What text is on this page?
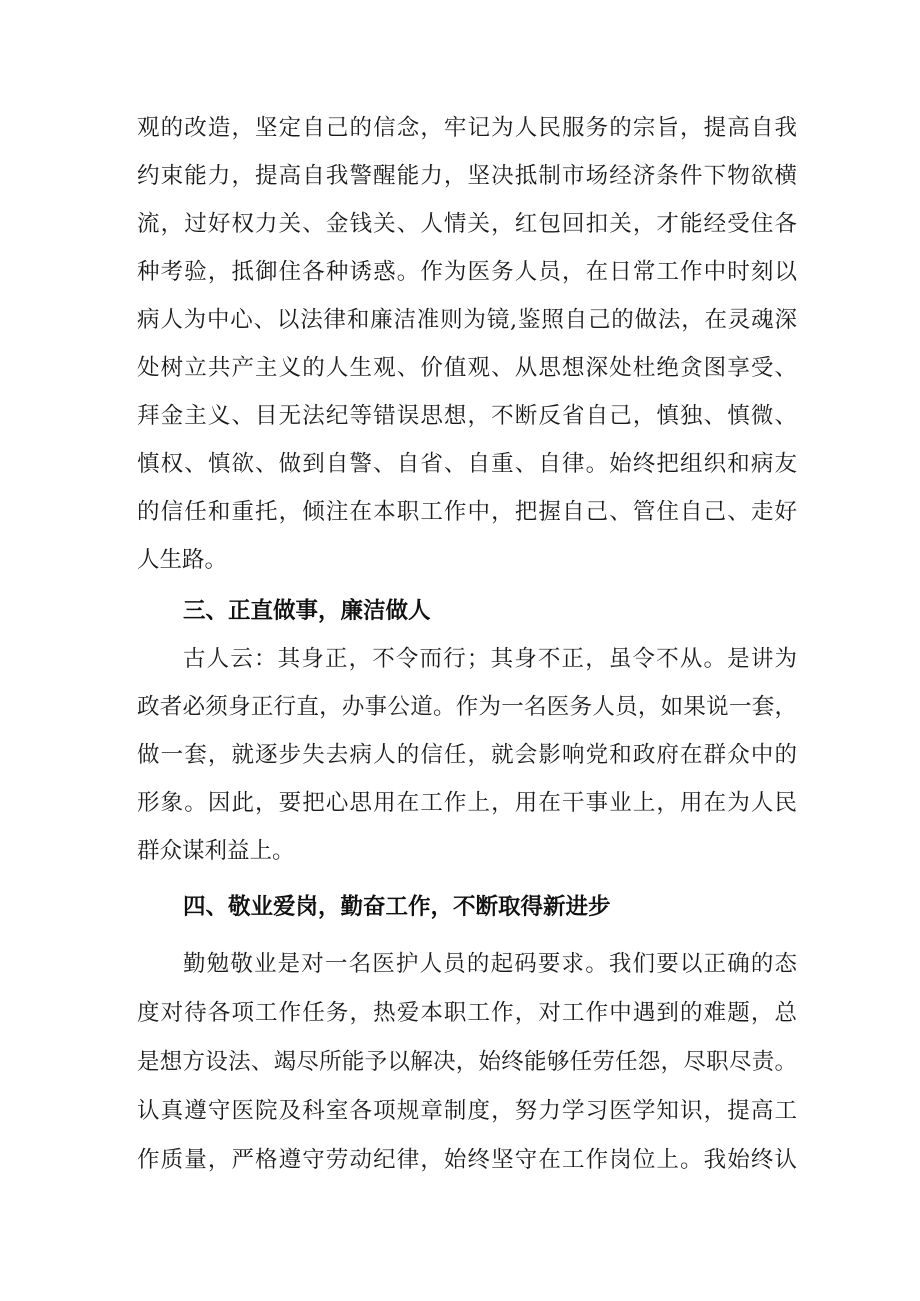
观的改造，坚定自己的信念，牢记为人民服务的宗旨，提高自我
约束能力，提高自我警醒能力，坚决抵制市场经济条件下物欲横
流，过好权力关、金钱关、人情关，红包回扣关，才能经受住各
种考验，抵御住各种诱惑。作为医务人员，在日常工作中时刻以
病人为中心、以法律和廉洁准则为镜,鉴照自己的做法，在灵魂深
处树立共产主义的人生观、价值观、从思想深处杜绝贪图享受、
拜金主义、目无法纪等错误思想，不断反省自己，慎独、慎微、
慎权、慎欲、做到自警、自省、自重、自律。始终把组织和病友
的信任和重托，倾注在本职工作中，把握自己、管住自己、走好
人生路。
三、正直做事，廉洁做人
古人云：其身正，不令而行；其身不正，虽令不从。是讲为
政者必须身正行直，办事公道。作为一名医务人员，如果说一套，
做一套，就逐步失去病人的信任，就会影响党和政府在群众中的
形象。因此，要把心思用在工作上，用在干事业上，用在为人民
群众谋利益上。
四、敬业爱岗，勤奋工作，不断取得新进步
勤勉敬业是对一名医护人员的起码要求。我们要以正确的态
度对待各项工作任务，热爱本职工作，对工作中遇到的难题，总
是想方设法、竭尽所能予以解决，始终能够任劳任怨，尽职尽责。
认真遵守医院及科室各项规章制度，努力学习医学知识，提高工
作质量，严格遵守劳动纪律，始终坚守在工作岗位上。我始终认
